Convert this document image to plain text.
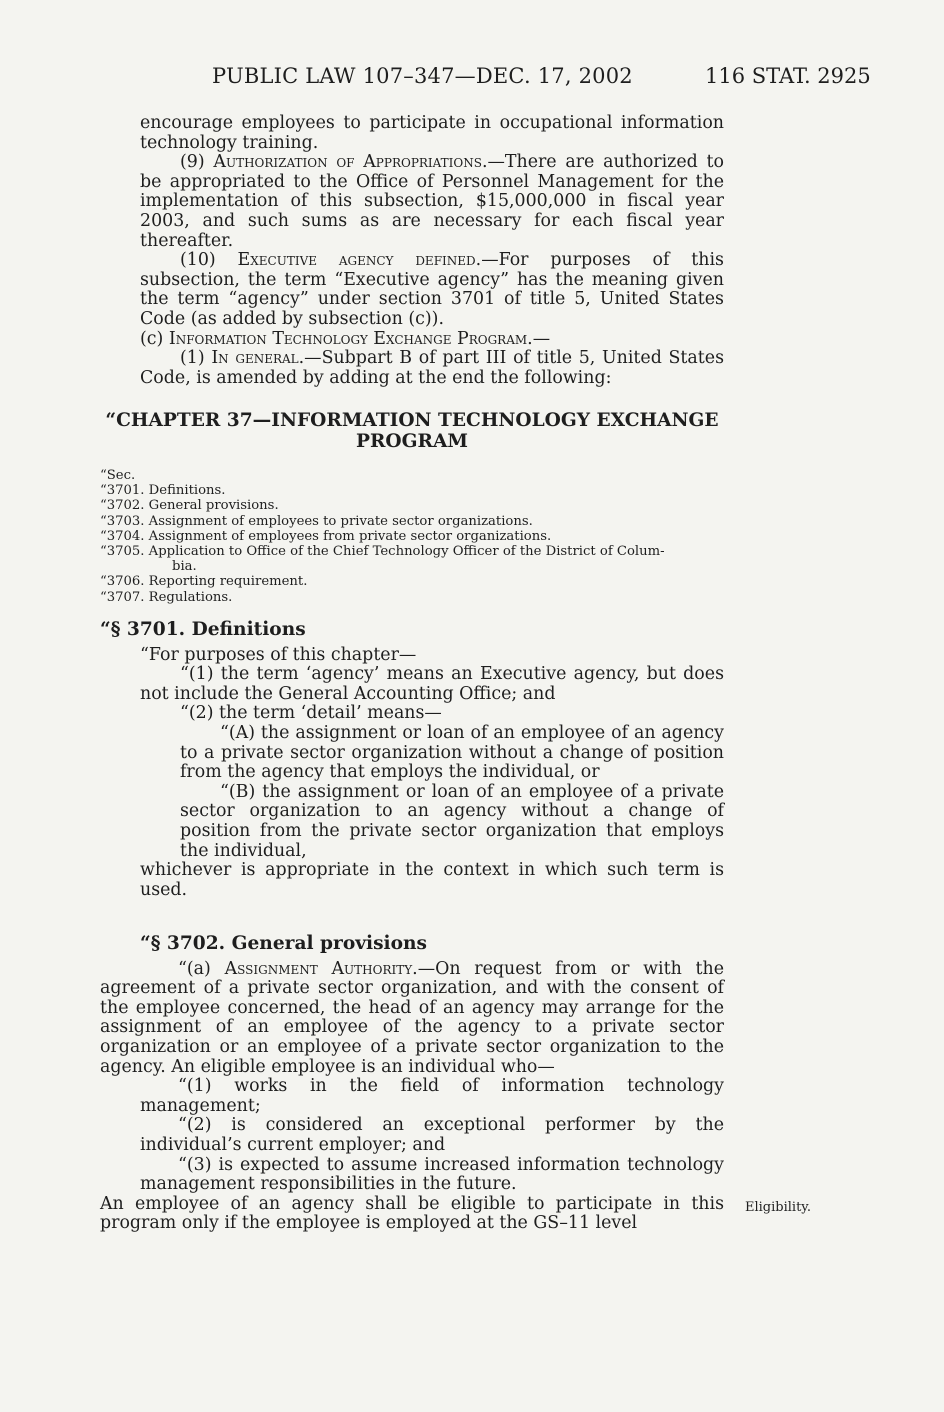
PUBLIC LAW 107–347—DEC. 17, 2002	116 STAT. 2925

encourage employees to participate in occupational information technology training.

(9) Authorization of Appropriations.—There are authorized to be appropriated to the Office of Personnel Management for the implementation of this subsection, $15,000,000 in fiscal year 2003, and such sums as are necessary for each fiscal year thereafter.

(10) Executive agency defined.—For purposes of this subsection, the term “Executive agency” has the meaning given the term “agency” under section 3701 of title 5, United States Code (as added by subsection (c)).

(c) Information Technology Exchange Program.—

(1) In general.—Subpart B of part III of title 5, United States Code, is amended by adding at the end the following:

“CHAPTER 37—INFORMATION TECHNOLOGY EXCHANGE
PROGRAM
“Sec.
“3701. Definitions.
“3702. General provisions.
“3703. Assignment of employees to private sector organizations.
“3704. Assignment of employees from private sector organizations.
“3705. Application to Office of the Chief Technology Officer of the District of Colum-
bia.
“3706. Reporting requirement.
“3707. Regulations.

“§ 3701. Definitions

“For purposes of this chapter—

“(1) the term ‘agency’ means an Executive agency, but does not include the General Accounting Office; and

“(2) the term ‘detail’ means—

“(A) the assignment or loan of an employee of an agency to a private sector organization without a change of position from the agency that employs the individual, or

“(B) the assignment or loan of an employee of a private sector organization to an agency without a change of position from the private sector organization that employs the individual,

whichever is appropriate in the context in which such term is used.

“§ 3702. General provisions

“(a) Assignment Authority.—On request from or with the agreement of a private sector organization, and with the consent of the employee concerned, the head of an agency may arrange for the assignment of an employee of the agency to a private sector organization or an employee of a private sector organization to the agency. An eligible employee is an individual who—

“(1) works in the field of information technology management;

“(2) is considered an exceptional performer by the individual’s current employer; and

“(3) is expected to assume increased information technology management responsibilities in the future.

An employee of an agency shall be eligible to participate in this program only if the employee is employed at the GS–11 level

Eligibility.
